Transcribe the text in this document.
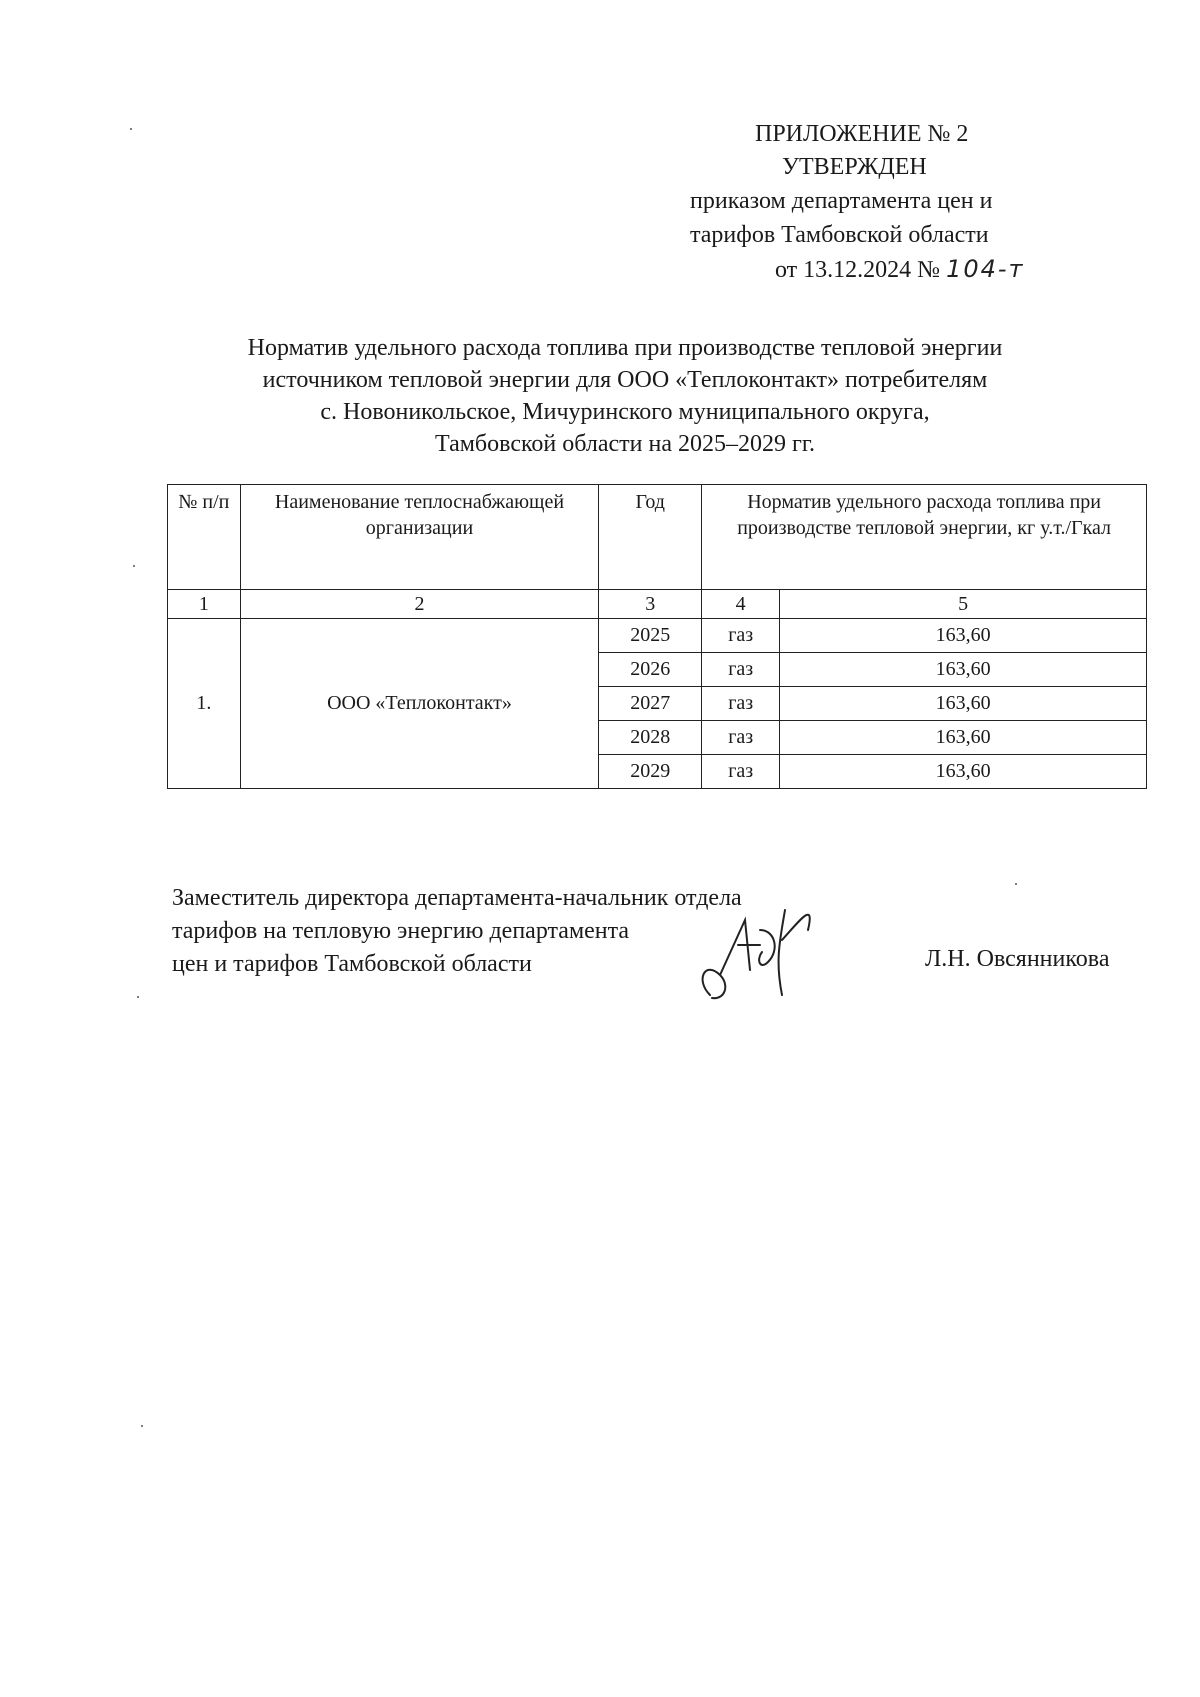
ПРИЛОЖЕНИЕ № 2
УТВЕРЖДЕН
приказом департамента цен и
тарифов Тамбовской области
от 13.12.2024 № 104-т
Норматив удельного расхода топлива при производстве тепловой энергии
источником тепловой энергии для ООО «Теплоконтакт» потребителям
с. Новоникольское, Мичуринского муниципального округа,
Тамбовской области на 2025–2029 гг.
№ п/п	Наименование теплоснабжающей организации	Год	Норматив удельного расхода топлива при производстве тепловой энергии, кг у.т./Гкал	
1	2	3	4	5
1.	ООО «Теплоконтакт»	2025	газ	163,60
		2026	газ	163,60
		2027	газ	163,60
		2028	газ	163,60
		2029	газ	163,60
Заместитель директора департамента-начальник отдела
тарифов на тепловую энергию департамента
цен и тарифов Тамбовской области	Л.Н. Овсянникова
